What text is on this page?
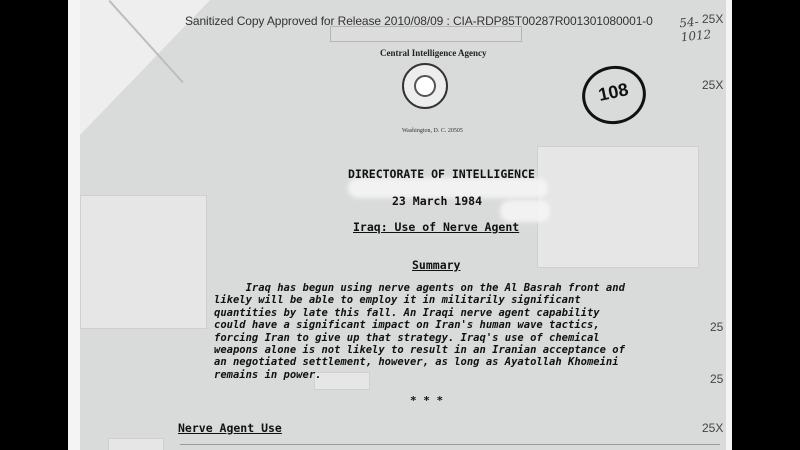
Sanitized Copy Approved for Release 2010/08/09 : CIA-RDP85T00287R001301080001-0	54-1012
25X
25X
25
25
25X
Central Intelligence Agency
Washington, D. C. 20505
108
DIRECTORATE OF INTELLIGENCE
23 March 1984
Iraq: Use of Nerve Agent
Summary
Iraq has begun using nerve agents on the Al Basrah front and
likely will be able to employ it in militarily significant
quantities by late this fall. An Iraqi nerve agent capability
could have a significant impact on Iran's human wave tactics,
forcing Iran to give up that strategy. Iraq's use of chemical
weapons alone is not likely to result in an Iranian acceptance of
an negotiated settlement, however, as long as Ayatollah Khomeini
remains in power.
* * *
Nerve Agent Use
